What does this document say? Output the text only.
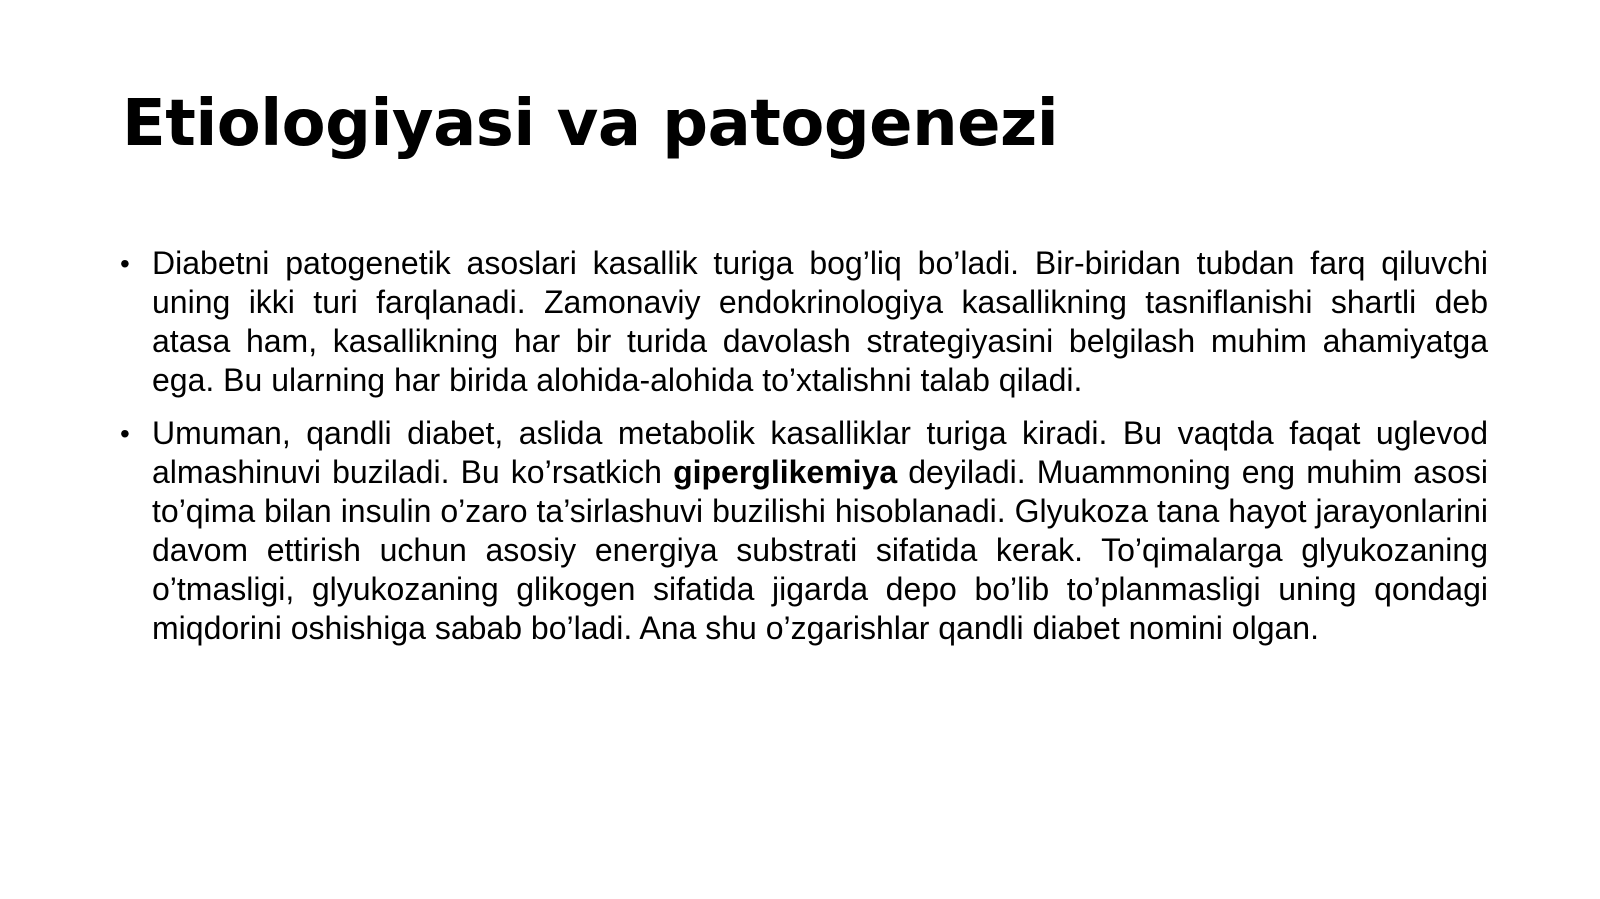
Etiologiyasi va patogenezi
• Diabetni patogenetik asoslari kasallik turiga bog’liq bo’ladi. Bir-biridan tubdan farq qiluvchi uning ikki turi farqlanadi. Zamonaviy endokrinologiya kasallikning tasniflanishi shartli deb atasa ham, kasallikning har bir turida davolash strategiyasini belgilash muhim ahamiyatga ega. Bu ularning har birida alohida-alohida to’xtalishni talab qiladi.
• Umuman, qandli diabet, aslida metabolik kasalliklar turiga kiradi. Bu vaqtda faqat uglevod almashinuvi buziladi. Bu ko’rsatkich giperglikemiya deyiladi. Muammoning eng muhim asosi to’qima bilan insulin o’zaro ta’sirlashuvi buzilishi hisoblanadi. Glyukoza tana hayot jarayonlarini davom ettirish uchun asosiy energiya substrati sifatida kerak. To’qimalarga glyukozaning o’tmasligi, glyukozaning glikogen sifatida jigarda depo bo’lib to’planmasligi uning qondagi miqdorini oshishiga sabab bo’ladi. Ana shu o’zgarishlar qandli diabet nomini olgan.
